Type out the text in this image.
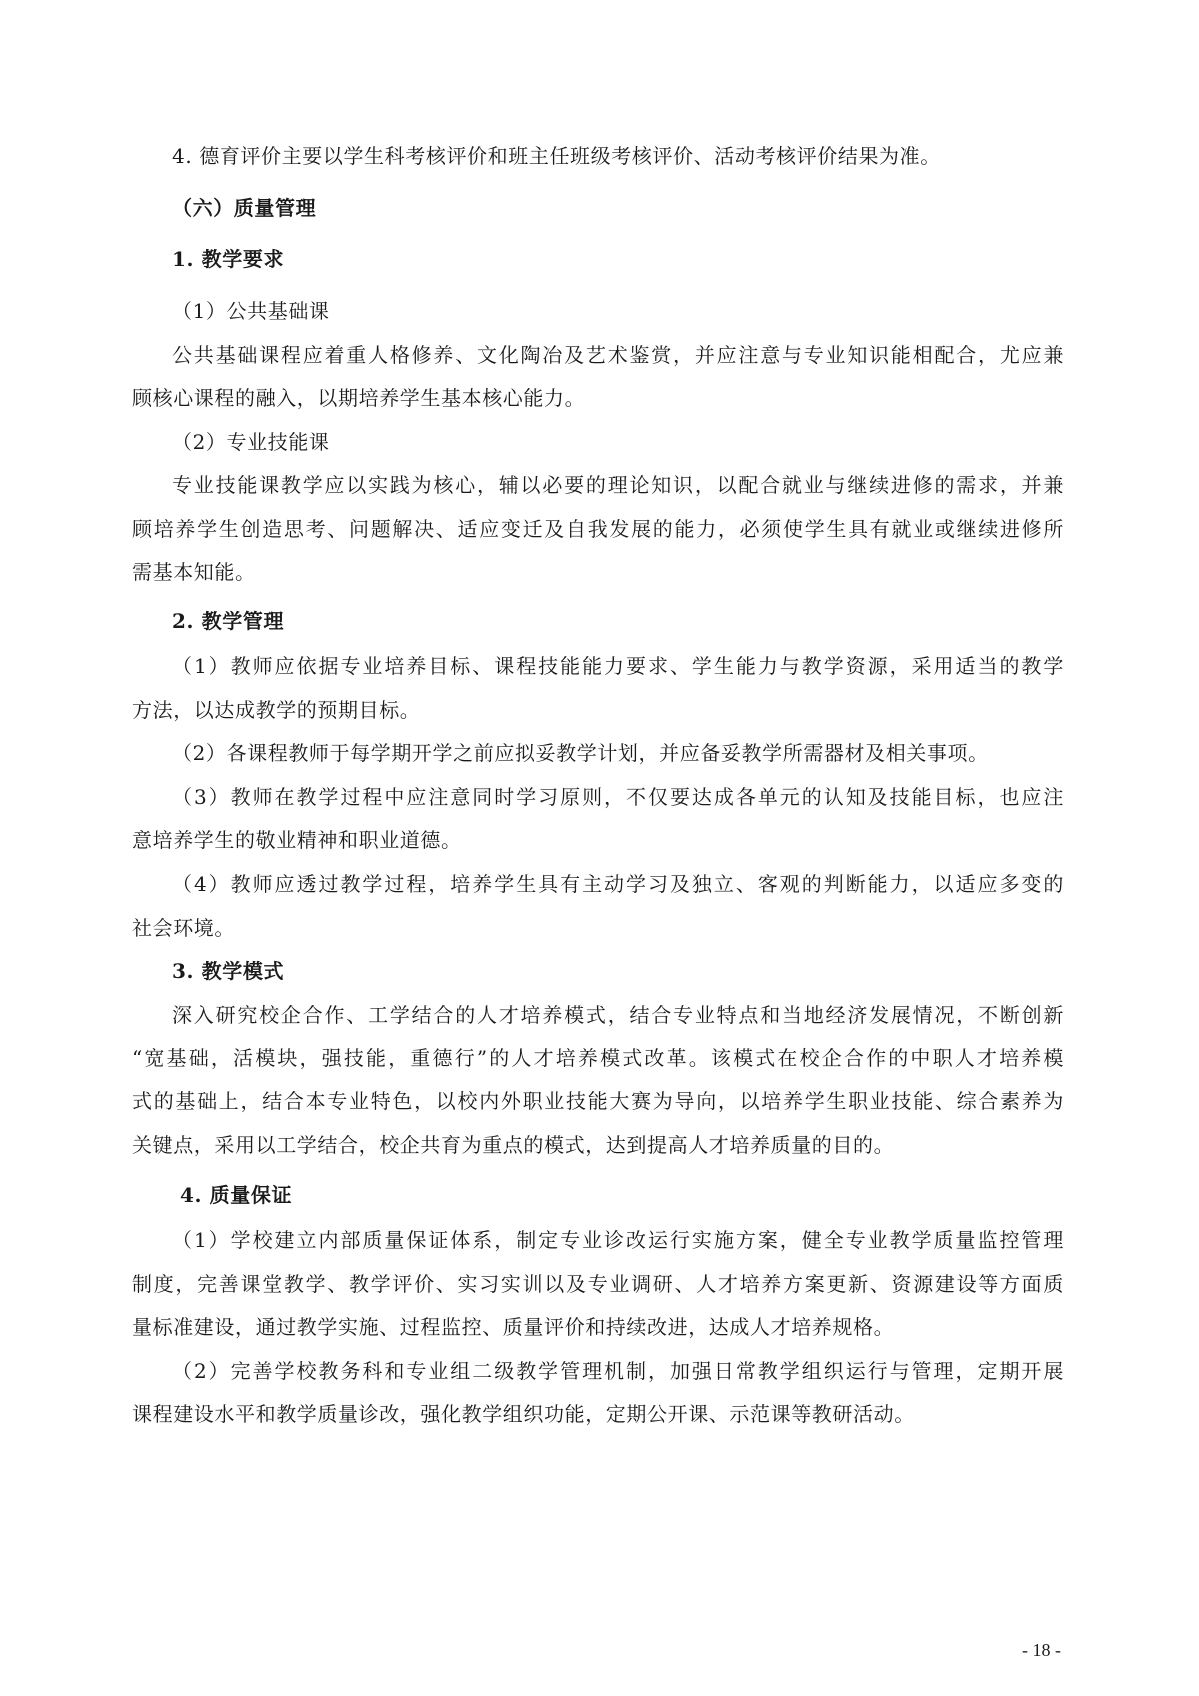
4. 德育评价主要以学生科考核评价和班主任班级考核评价、活动考核评价结果为准。
（六）质量管理
1. 教学要求
（1）公共基础课
公共基础课程应着重人格修养、文化陶冶及艺术鉴赏，并应注意与专业知识能相配合，尤应兼
顾核心课程的融入，以期培养学生基本核心能力。
（2）专业技能课
专业技能课教学应以实践为核心，辅以必要的理论知识，以配合就业与继续进修的需求，并兼
顾培养学生创造思考、问题解决、适应变迁及自我发展的能力，必须使学生具有就业或继续进修所
需基本知能。
2. 教学管理
（1）教师应依据专业培养目标、课程技能能力要求、学生能力与教学资源，采用适当的教学
方法，以达成教学的预期目标。
（2）各课程教师于每学期开学之前应拟妥教学计划，并应备妥教学所需器材及相关事项。
（3）教师在教学过程中应注意同时学习原则，不仅要达成各单元的认知及技能目标，也应注
意培养学生的敬业精神和职业道德。
（4）教师应透过教学过程，培养学生具有主动学习及独立、客观的判断能力，以适应多变的
社会环境。
3. 教学模式
深入研究校企合作、工学结合的人才培养模式，结合专业特点和当地经济发展情况，不断创新
“宽基础，活模块，强技能，重德行”的人才培养模式改革。该模式在校企合作的中职人才培养模
式的基础上，结合本专业特色，以校内外职业技能大赛为导向，以培养学生职业技能、综合素养为
关键点，采用以工学结合，校企共育为重点的模式，达到提高人才培养质量的目的。
4. 质量保证
（1）学校建立内部质量保证体系，制定专业诊改运行实施方案，健全专业教学质量监控管理
制度，完善课堂教学、教学评价、实习实训以及专业调研、人才培养方案更新、资源建设等方面质
量标准建设，通过教学实施、过程监控、质量评价和持续改进，达成人才培养规格。
（2）完善学校教务科和专业组二级教学管理机制，加强日常教学组织运行与管理，定期开展
课程建设水平和教学质量诊改，强化教学组织功能，定期公开课、示范课等教研活动。
- 18 -
